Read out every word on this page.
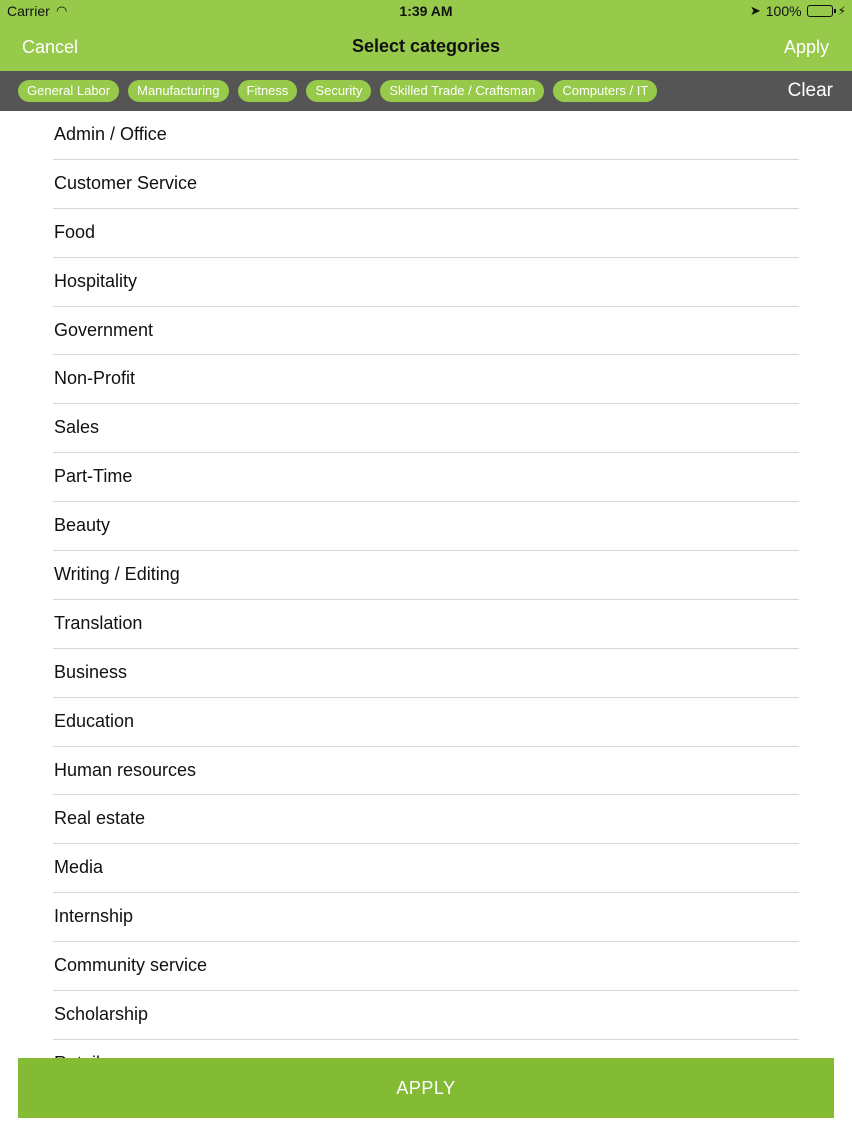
Carrier ◠	1:39 AM	➤ 100%	⚡
Cancel	Select categories	Apply
General Labor	Manufacturing	Fitness	Security	Skilled Trade / Craftsman	Computers / IT	Clear
Admin / Office
Customer Service
Food
Hospitality
Government
Non-Profit
Sales
Part-Time
Beauty
Writing / Editing
Translation
Business
Education
Human resources
Real estate
Media
Internship
Community service
Scholarship
APPLY
